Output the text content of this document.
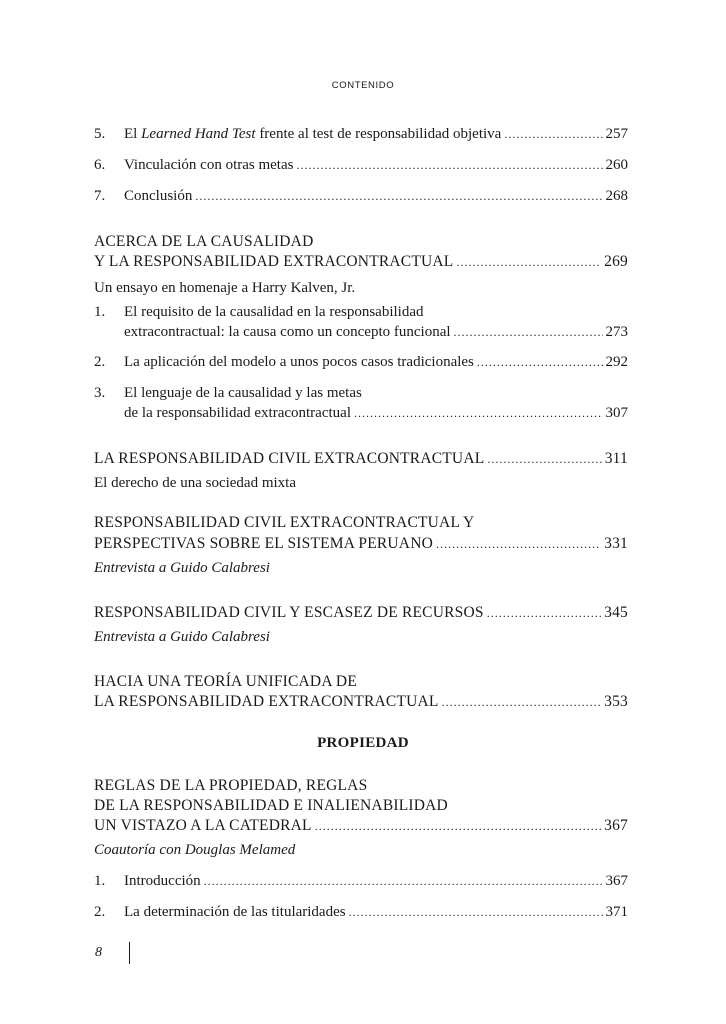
CONTENIDO
5.	El Learned Hand Test frente al test de responsabilidad objetiva .....	257
6.	Vinculación con otras metas .....	260
7.	Conclusión .....	268
ACERCA DE LA CAUSALIDAD
Y LA RESPONSABILIDAD EXTRACONTRACTUAL .....	269
Un ensayo en homenaje a Harry Kalven, Jr.
1. El requisito de la causalidad en la responsabilidad
extracontractual: la causa como un concepto funcional .....	273
2.	La aplicación del modelo a unos pocos casos tradicionales .....	292
3. El lenguaje de la causalidad y las metas
de la responsabilidad extracontractual .....	307
LA RESPONSABILIDAD CIVIL EXTRACONTRACTUAL .....	311
El derecho de una sociedad mixta
RESPONSABILIDAD CIVIL EXTRACONTRACTUAL Y
PERSPECTIVAS SOBRE EL SISTEMA PERUANO .....	331
Entrevista a Guido Calabresi
RESPONSABILIDAD CIVIL Y ESCASEZ DE RECURSOS .....	345
Entrevista a Guido Calabresi
HACIA UNA TEORÍA UNIFICADA DE
LA RESPONSABILIDAD EXTRACONTRACTUAL .....	353
PROPIEDAD
REGLAS DE LA PROPIEDAD, REGLAS
DE LA RESPONSABILIDAD E INALIENABILIDAD
UN VISTAZO A LA CATEDRAL .....	367
Coautoría con Douglas Melamed
1.	Introducción .....	367
2.	La determinación de las titularidades .....	371
8
